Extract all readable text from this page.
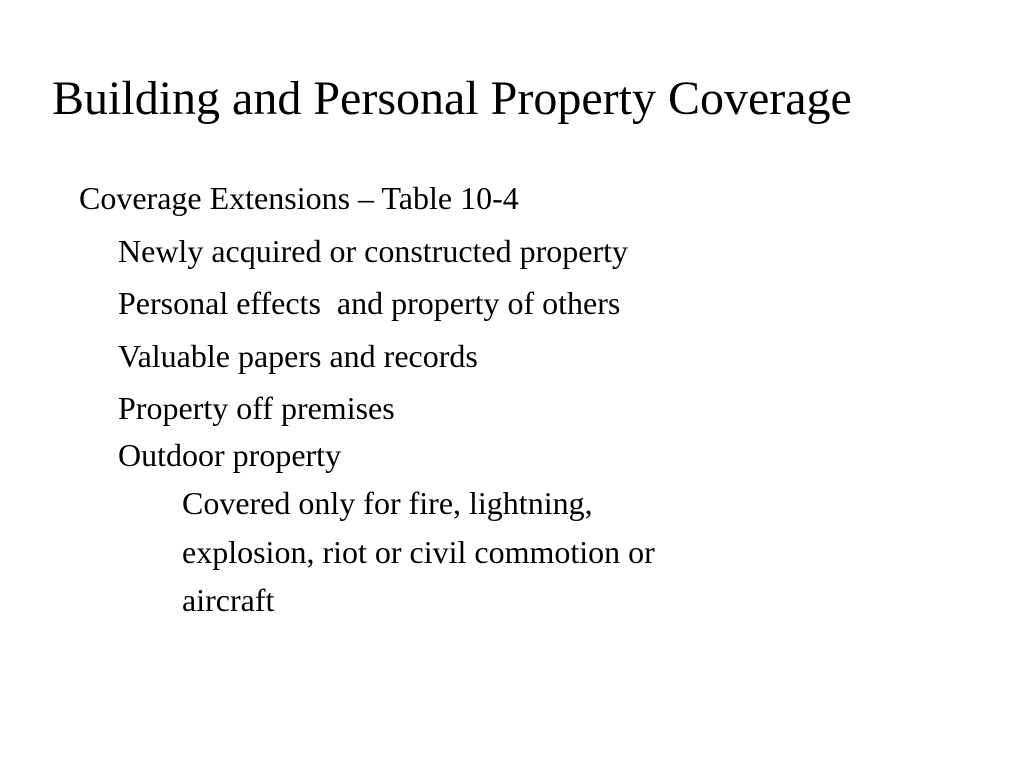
Building and Personal Property Coverage
Coverage Extensions – Table 10-4
Newly acquired or constructed property
Personal effects  and property of others
Valuable papers and records
Property off premises
Outdoor property
Covered only for fire, lightning,
explosion, riot or civil commotion or
aircraft
